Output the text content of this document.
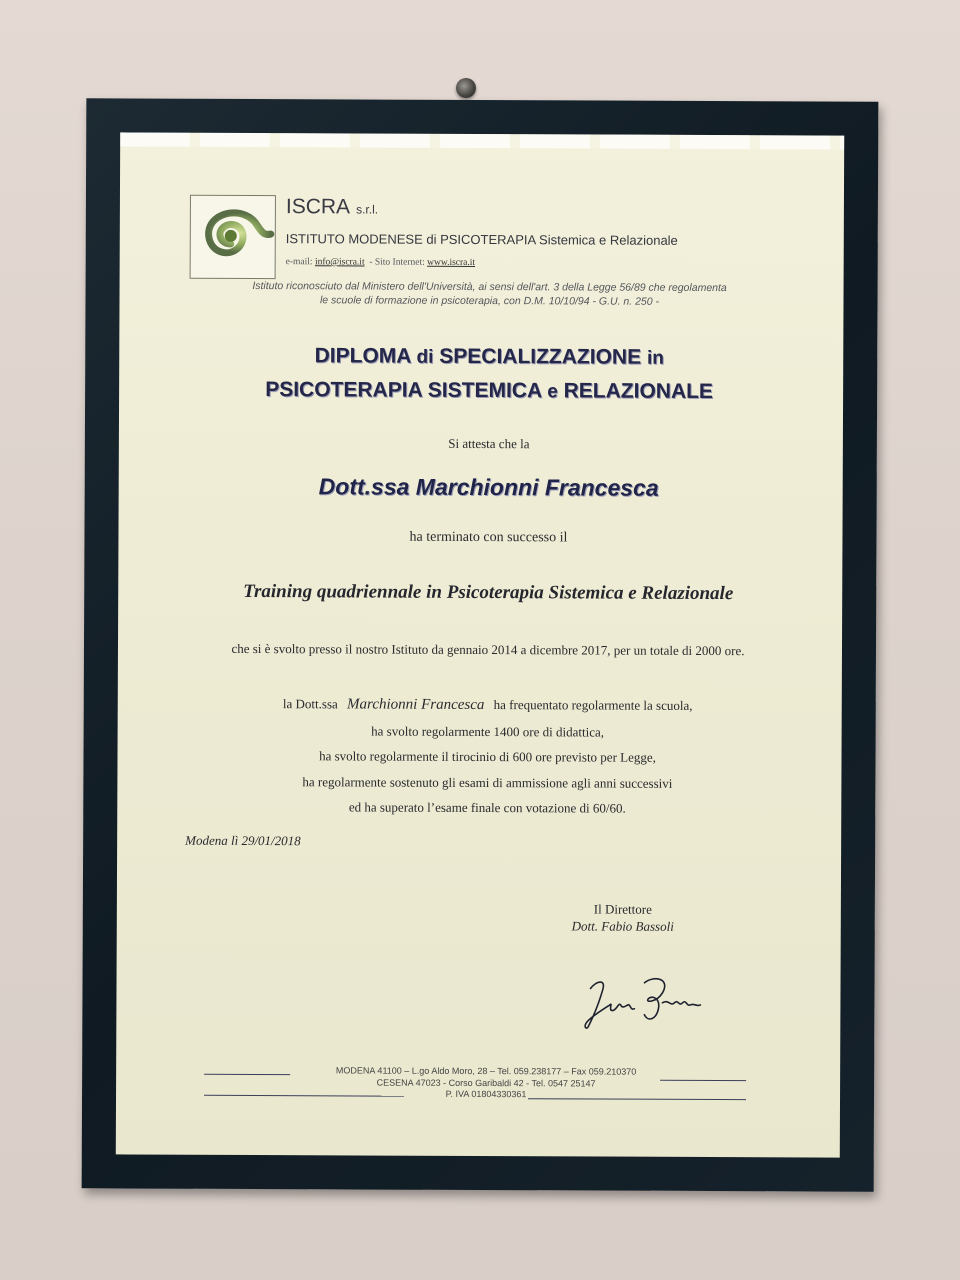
ISCRA s.r.l.
ISTITUTO MODENESE di PSICOTERAPIA Sistemica e Relazionale
e-mail: info@iscra.it - Sito Internet: www.iscra.it
Istituto riconosciuto dal Ministero dell'Università, ai sensi dell'art. 3 della Legge 56/89 che regolamenta
le scuole di formazione in psicoterapia, con D.M. 10/10/94 - G.U. n. 250 -
DIPLOMA di SPECIALIZZAZIONE in
PSICOTERAPIA SISTEMICA e RELAZIONALE
Si attesta che la
Dott.ssa Marchionni Francesca
ha terminato con successo il
Training quadriennale in Psicoterapia Sistemica e Relazionale
che si è svolto presso il nostro Istituto da gennaio 2014 a dicembre 2017, per un totale di 2000 ore.
la Dott.ssa Marchionni Francesca ha frequentato regolarmente la scuola,
ha svolto regolarmente 1400 ore di didattica,
ha svolto regolarmente il tirocinio di 600 ore previsto per Legge,
ha regolarmente sostenuto gli esami di ammissione agli anni successivi
ed ha superato l’esame finale con votazione di 60/60.
Modena lì 29/01/2018
Il Direttore
Dott. Fabio Bassoli
MODENA 41100 – L.go Aldo Moro, 28 – Tel. 059.238177 – Fax 059.210370
CESENA 47023 - Corso Garibaldi 42 - Tel. 0547 25147
P. IVA 01804330361
